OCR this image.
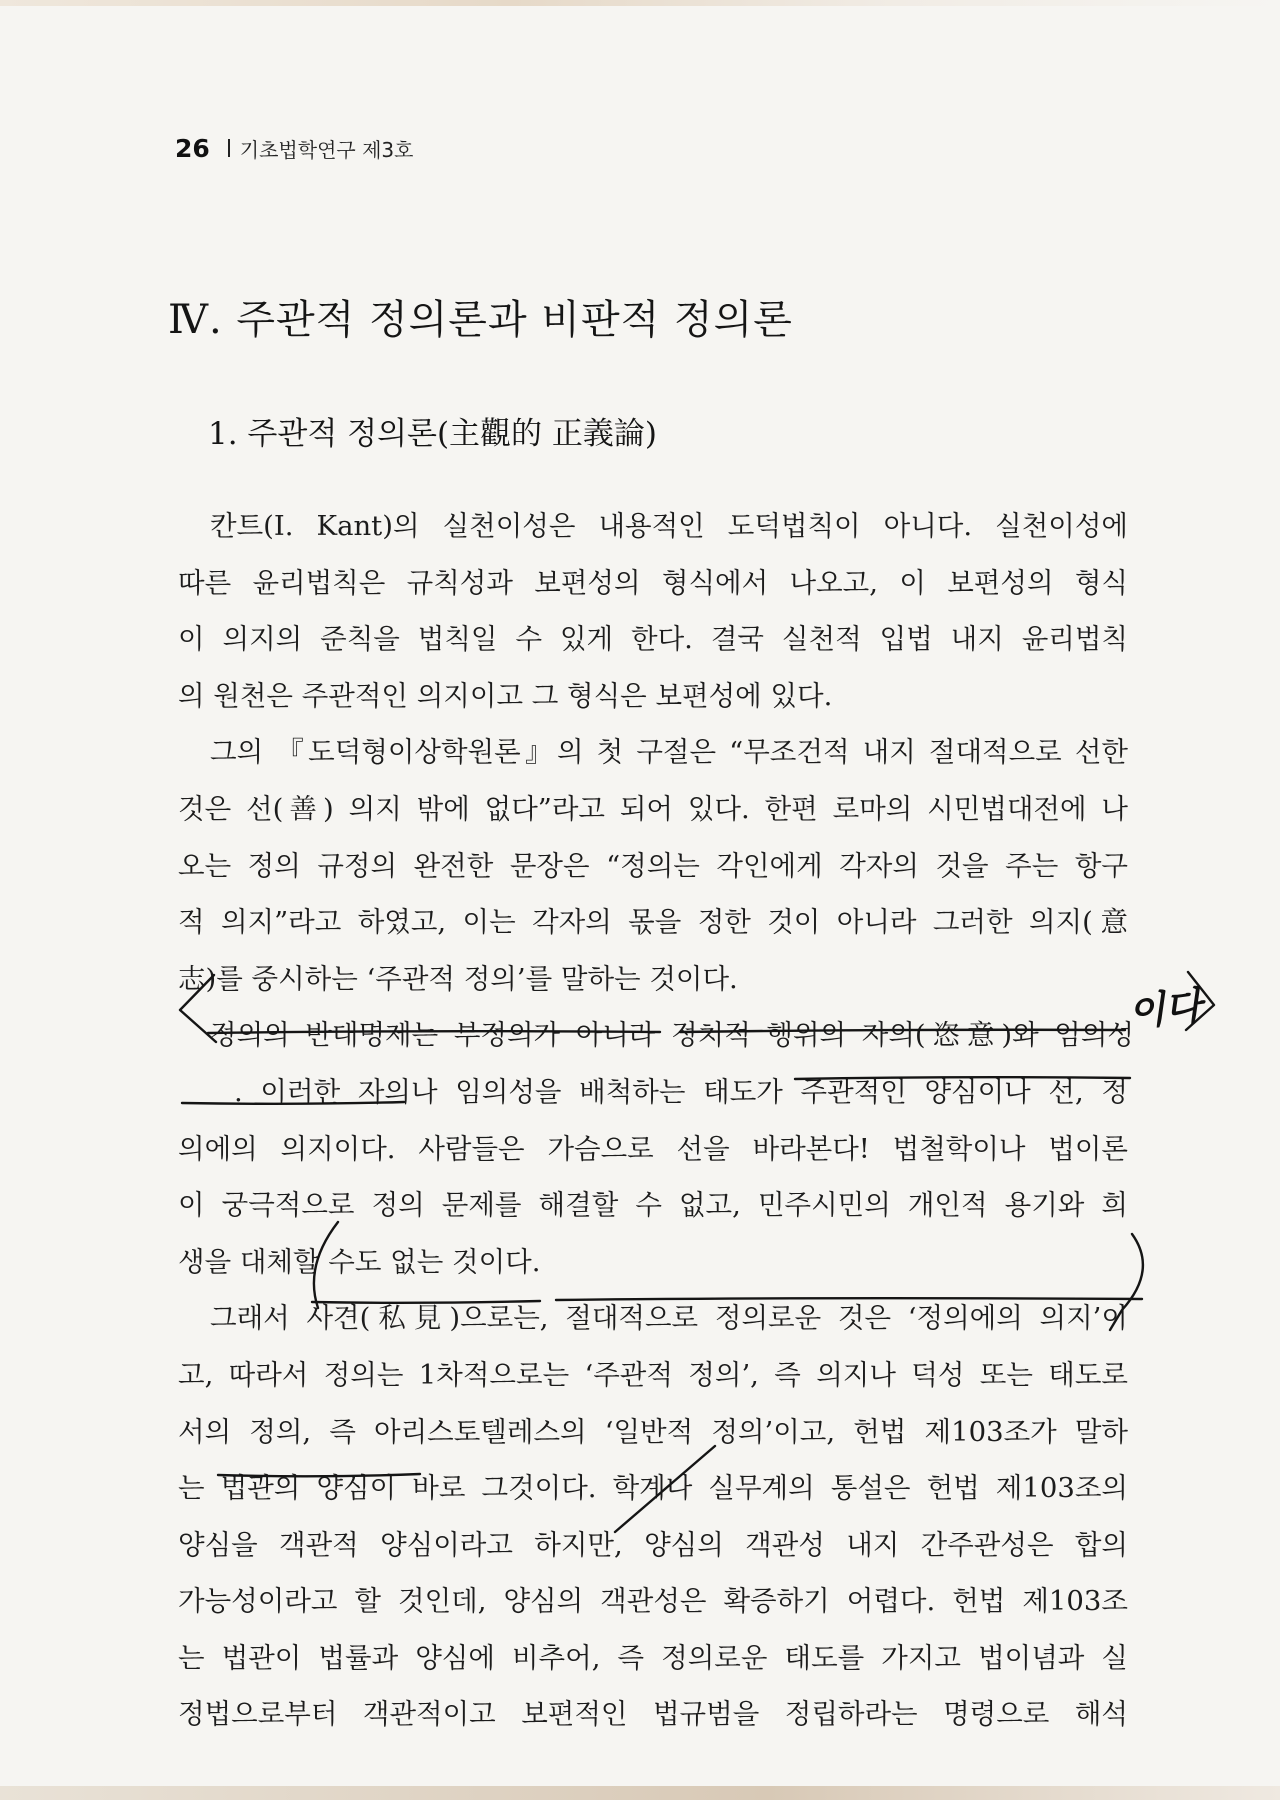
26 기초법학연구 제3호
Ⅳ. 주관적 정의론과 비판적 정의론
1. 주관적 정의론(主觀的 正義論)
칸트(I. Kant)의 실천이성은 내용적인 도덕법칙이 아니다. 실천이성에
따른 윤리법칙은 규칙성과 보편성의 형식에서 나오고, 이 보편성의 형식
이 의지의 준칙을 법칙일 수 있게 한다. 결국 실천적 입법 내지 윤리법칙
의 원천은 주관적인 의지이고 그 형식은 보편성에 있다.
그의 『도덕형이상학원론』의 첫 구절은 “무조건적 내지 절대적으로 선한
것은 선(善) 의지 밖에 없다”라고 되어 있다. 한편 로마의 시민법대전에 나
오는 정의 규정의 완전한 문장은 “정의는 각인에게 각자의 것을 주는 항구
적 의지”라고 하였고, 이는 각자의 몫을 정한 것이 아니라 그러한 의지(意
志)를 중시하는 ‘주관적 정의’를 말하는 것이다.
정의의 반대명제는 부정의가 아니라 정치적 행위의 자의(恣意)와 임의성
. 이러한 자의나 임의성을 배척하는 태도가 주관적인 양심이나 선, 정
의에의 의지이다. 사람들은 가슴으로 선을 바라본다! 법철학이나 법이론
이 궁극적으로 정의 문제를 해결할 수 없고, 민주시민의 개인적 용기와 희
생을 대체할 수도 없는 것이다.
그래서 사견(私見)으로는, 절대적으로 정의로운 것은 ‘정의에의 의지’이
고, 따라서 정의는 1차적으로는 ‘주관적 정의’, 즉 의지나 덕성 또는 태도로
서의 정의, 즉 아리스토텔레스의 ‘일반적 정의’이고, 헌법 제103조가 말하
는 법관의 양심이 바로 그것이다. 학계나 실무계의 통설은 헌법 제103조의
양심을 객관적 양심이라고 하지만, 양심의 객관성 내지 간주관성은 합의
가능성이라고 할 것인데, 양심의 객관성은 확증하기 어렵다. 헌법 제103조
는 법관이 법률과 양심에 비추어, 즉 정의로운 태도를 가지고 법이념과 실
정법으로부터 객관적이고 보편적인 법규범을 정립하라는 명령으로 해석
이다
